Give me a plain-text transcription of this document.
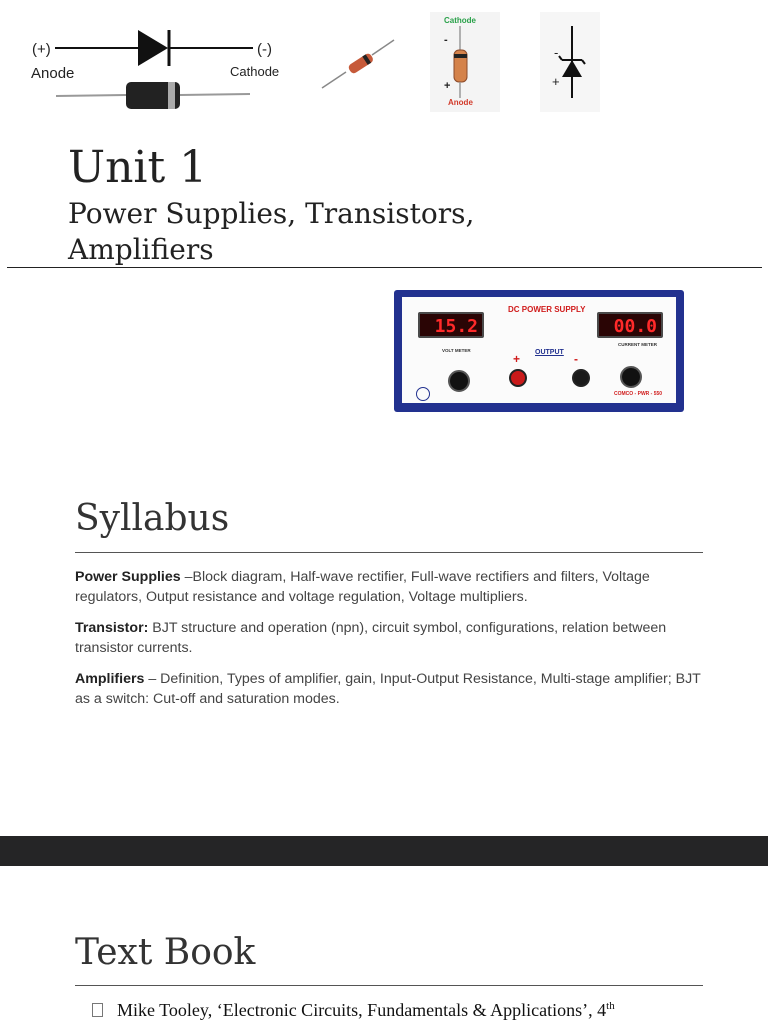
(+)	(-)
Anode	Cathode
Cathode
-
+
Anode
-
+
Unit 1
Power Supplies, Transistors, Amplifiers
DC POWER SUPPLY
15.2	00.0
VOLT METER
CURRENT METER
OUTPUT
+	-
COMCO - PWR - 550
Syllabus

Power Supplies –Block diagram, Half-wave rectifier, Full-wave rectifiers and filters, Voltage regulators, Output resistance and voltage regulation, Voltage multipliers.

Transistor: BJT structure and operation (npn), circuit symbol, configurations, relation between transistor currents.

Amplifiers – Definition, Types of amplifier, gain, Input-Output Resistance, Multi-stage amplifier; BJT as a switch: Cut-off and saturation modes.

Text Book
Mike Tooley, ‘Electronic Circuits, Fundamentals & Applications’, 4th
